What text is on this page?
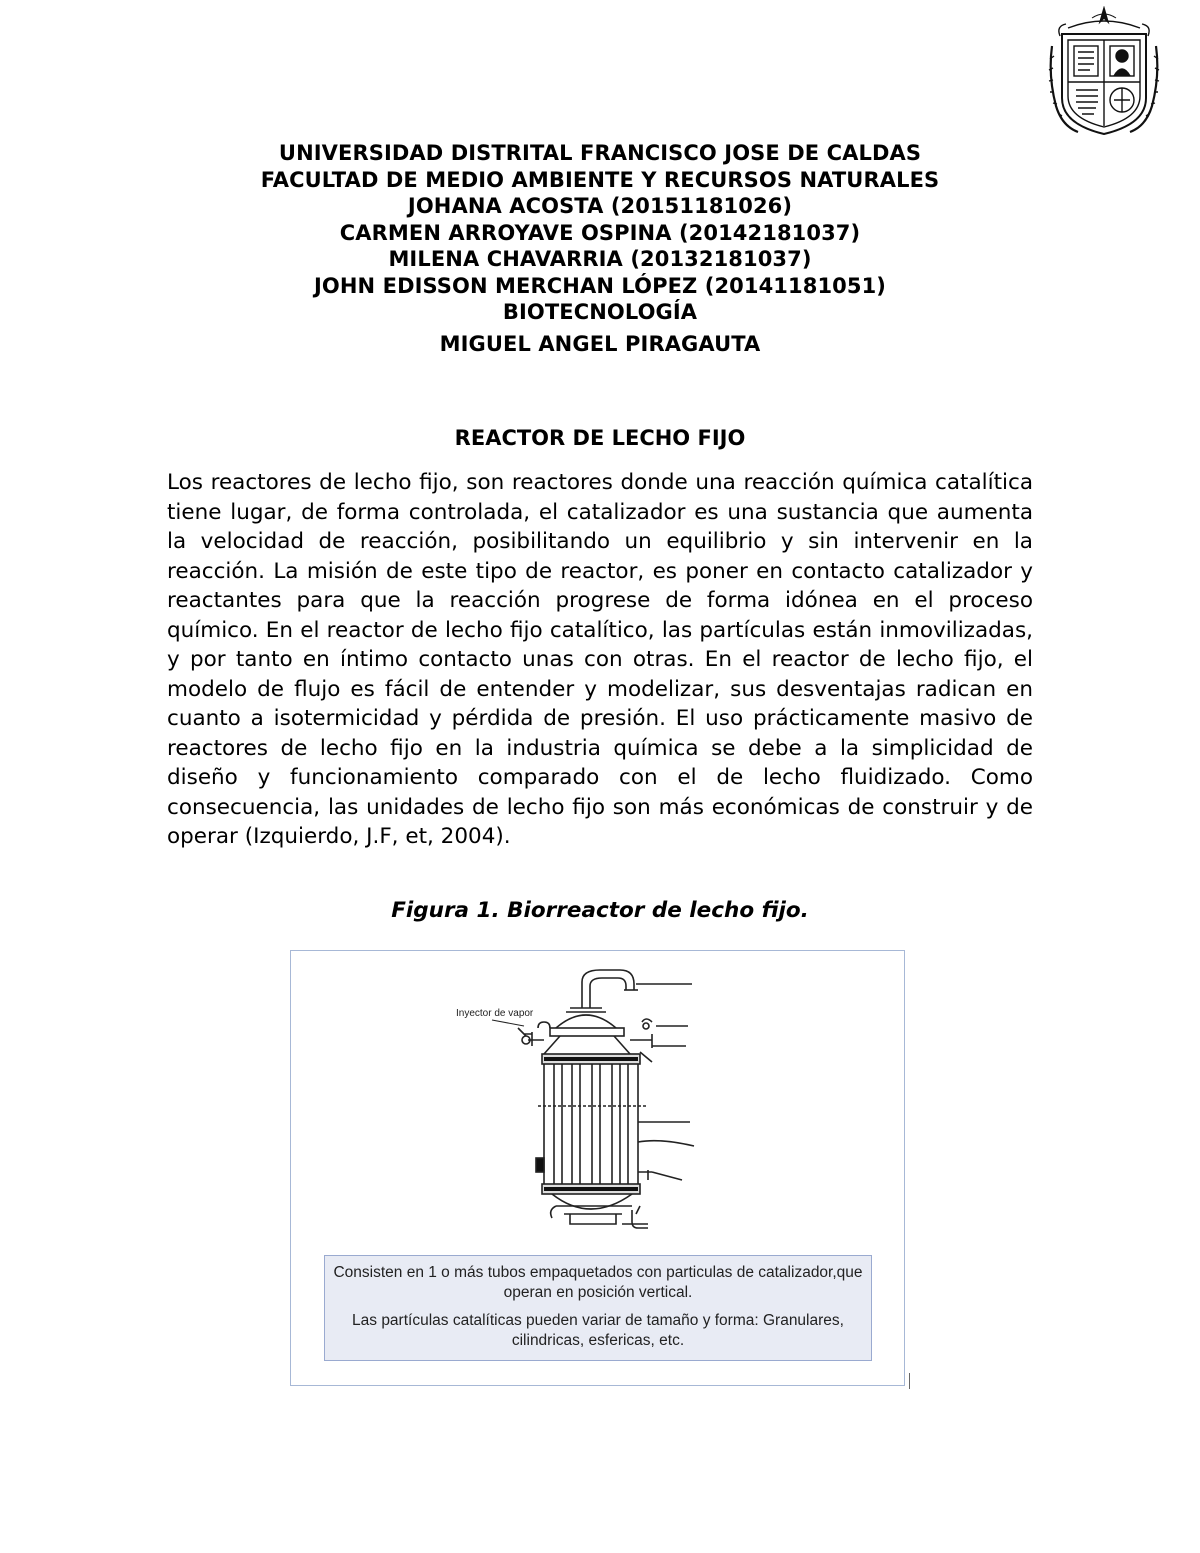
UNIVERSIDAD DISTRITAL FRANCISCO JOSE DE CALDAS
FACULTAD DE MEDIO AMBIENTE Y RECURSOS NATURALES
JOHANA ACOSTA (20151181026)
CARMEN ARROYAVE OSPINA (20142181037)
MILENA CHAVARRIA (20132181037)
JOHN EDISSON MERCHAN LÓPEZ (20141181051)
BIOTECNOLOGÍA
MIGUEL ANGEL PIRAGAUTA
REACTOR DE LECHO FIJO

Los reactores de lecho fijo, son reactores donde una reacción química catalítica tiene lugar, de forma controlada, el catalizador es una sustancia que aumenta la velocidad de reacción, posibilitando un equilibrio y sin intervenir en la reacción. La misión de este tipo de reactor, es poner en contacto catalizador y reactantes para que la reacción progrese de forma idónea en el proceso químico. En el reactor de lecho fijo catalítico, las partículas están inmovilizadas, y por tanto en íntimo contacto unas con otras. En el reactor de lecho fijo, el modelo de flujo es fácil de entender y modelizar, sus desventajas radican en cuanto a isotermicidad y pérdida de presión. El uso prácticamente masivo de reactores de lecho fijo en la industria química se debe a la simplicidad de diseño y funcionamiento comparado con el de lecho fluidizado. Como consecuencia, las unidades de lecho fijo son más económicas de construir y de operar (Izquierdo, J.F, et, 2004).

Figura 1. Biorreactor de lecho fijo.
Inyector de vapor

Consisten en 1 o más tubos empaquetados con particulas de catalizador,que operan en posición vertical.

Las partículas catalíticas pueden variar de tamaño y forma: Granulares, cilindricas, esfericas, etc.
